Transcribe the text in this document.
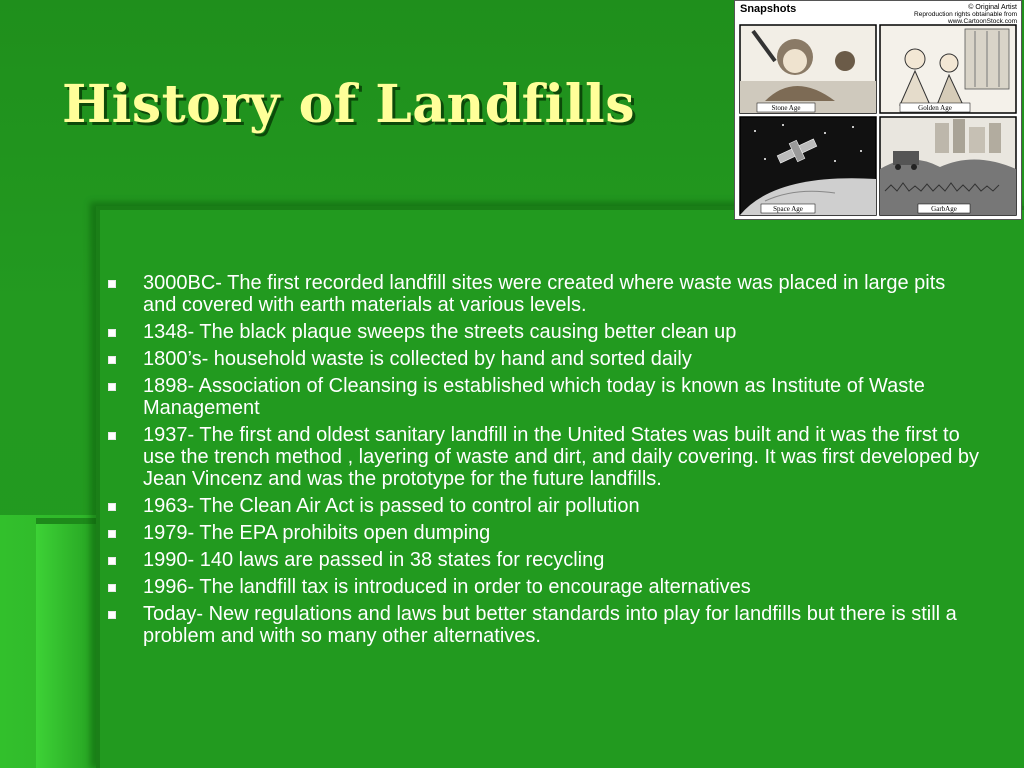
History of Landfills
Snapshots	© Original Artist
Reproduction rights obtainable from
www.CartoonStock.com
Stone Age	Golden Age
Space Age	GarbAge
3000BC- The first recorded landfill sites were created where waste was placed in large pits and covered with earth materials at various levels.
1348- The black plaque sweeps the streets causing better clean up
1800’s- household waste is collected by hand and sorted daily
1898- Association of Cleansing is established which today is known as Institute of Waste Management
1937- The first and oldest sanitary landfill in the United States was built and it was the first to use the trench method , layering of waste and dirt, and daily covering. It was first developed by Jean Vincenz and was the prototype for the future landfills.
1963- The Clean Air Act is passed to control air pollution
1979- The EPA prohibits open dumping
1990- 140 laws are passed in 38 states for recycling
1996- The landfill tax is introduced in order to encourage alternatives
Today- New regulations and laws but better standards into play for landfills but there is still a problem and with so many other alternatives.
